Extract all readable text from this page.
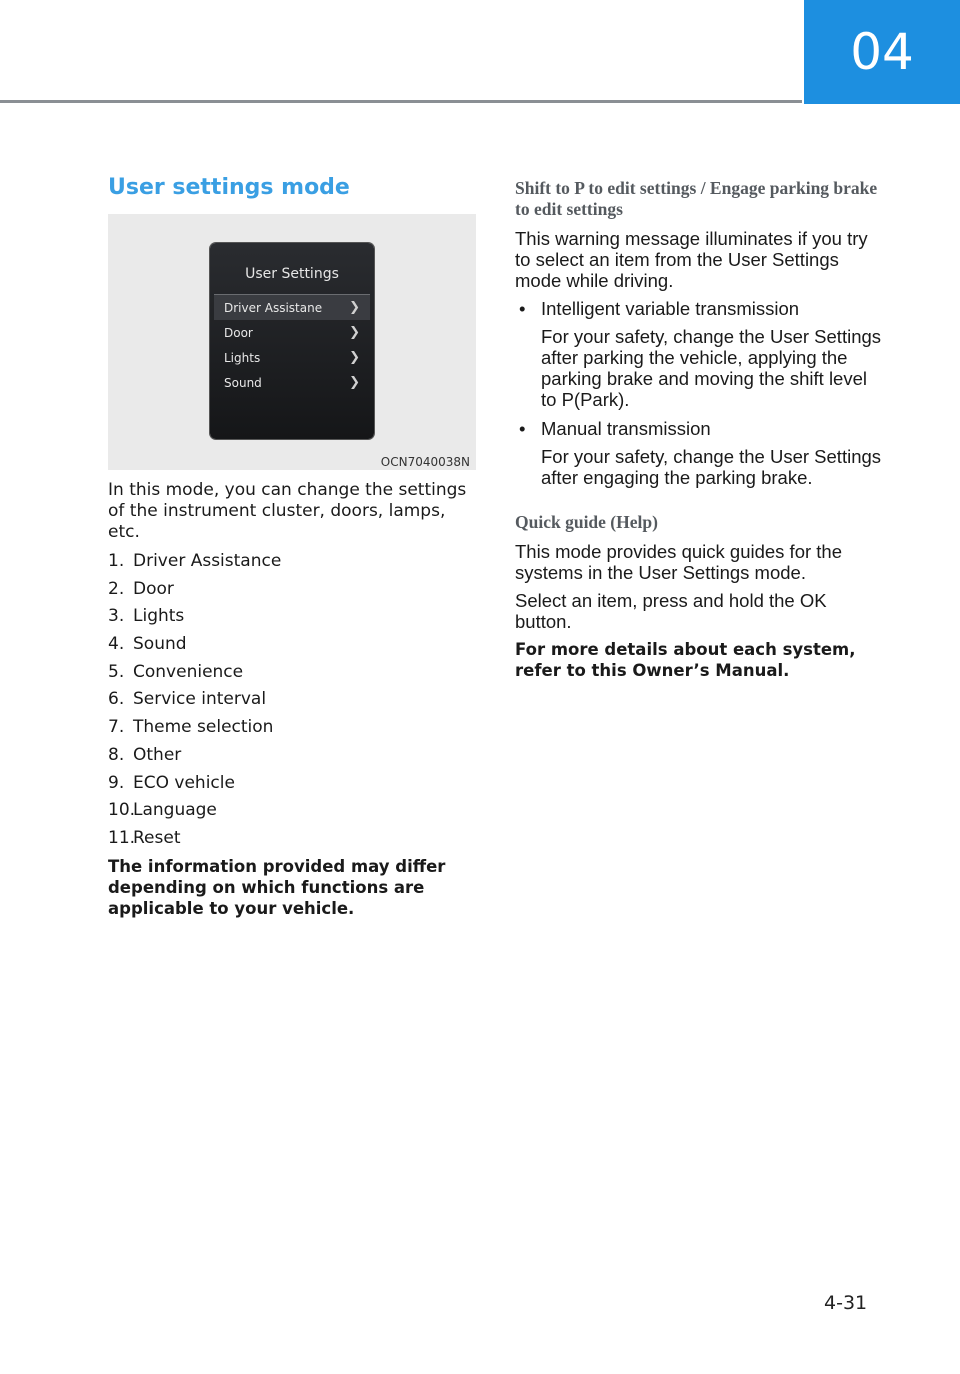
04
User settings mode
User Settings
Driver Assistane ❯
Door	❯
Lights	❯
Sound	❯
OCN7040038N

In this mode, you can change the settings of the instrument cluster, doors, lamps, etc.

1. Driver Assistance
2. Door
3. Lights
4. Sound
5. Convenience
6. Service interval
7. Theme selection
8. Other
9. ECO vehicle
10.
Language
11.
Reset

The information provided may differ depending on which functions are applicable to your vehicle.

Shift to P to edit settings / Engage parking brake to edit settings

This warning message illuminates if you try to select an item from the User Settings mode while driving.

• Intelligent variable transmission

For your safety, change the User Settings after parking the vehicle, applying the parking brake and moving the shift level to P(Park).

• Manual transmission

For your safety, change the User Settings after engaging the parking brake.

Quick guide (Help)

This mode provides quick guides for the systems in the User Settings mode.

Select an item, press and hold the OK button.

For more details about each system, refer to this Owner’s Manual.

4-31
